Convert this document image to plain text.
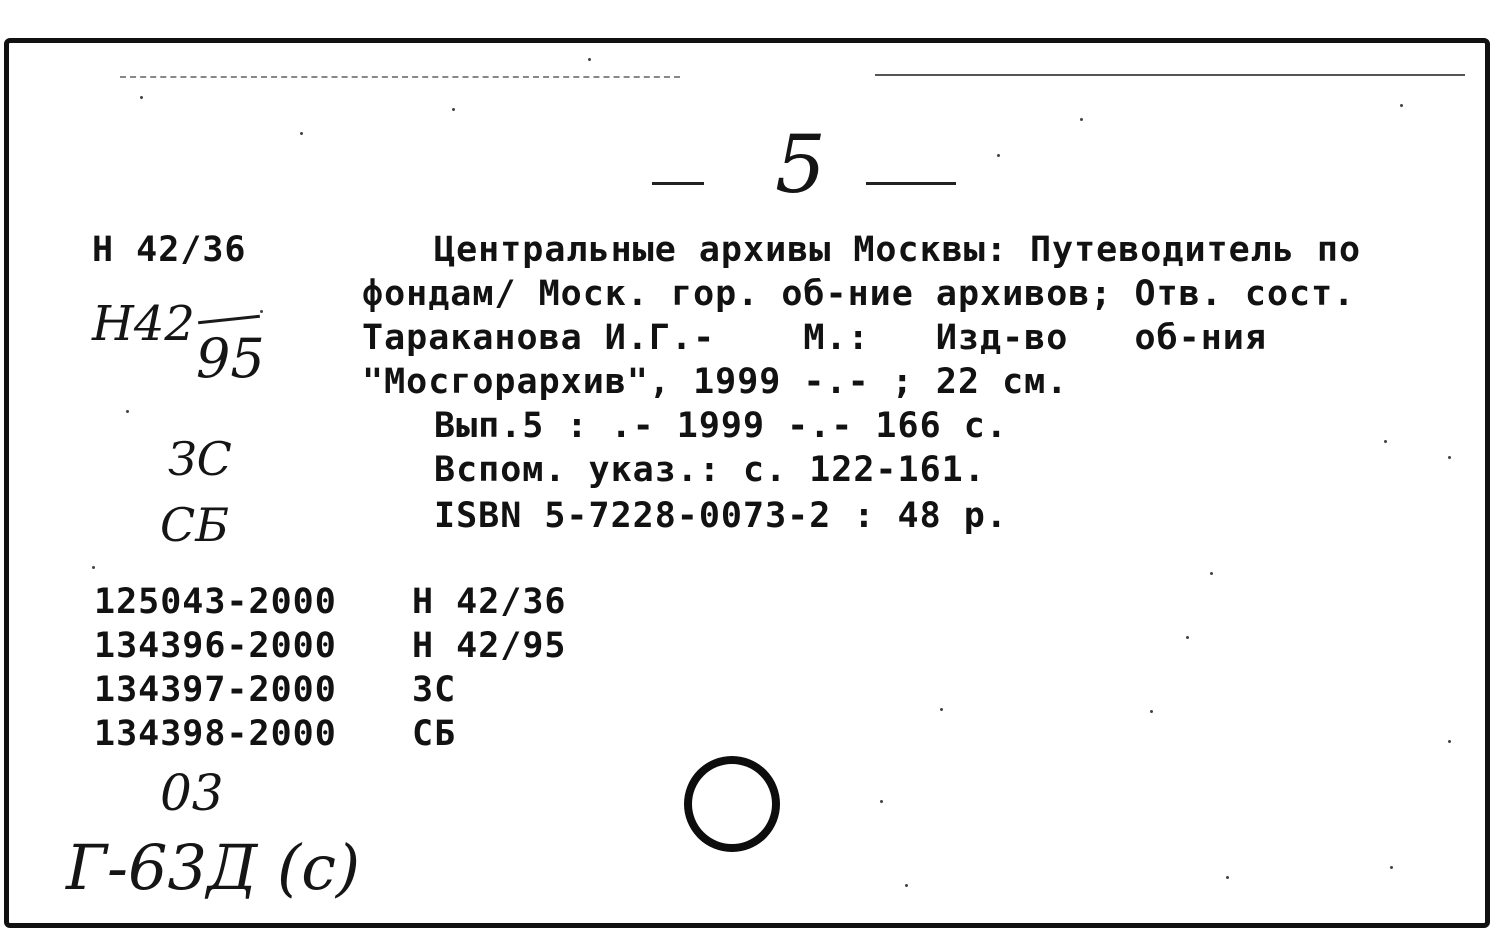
5
Н 42/36
Н42
95
ЗС
СБ
Центральные архивы Москвы: Путеводитель по
фондам/ Моск. гор. об-ние архивов; Отв. сост.
Тараканова И.Г.-    М.:   Изд-во   об-ния
"Мосгорархив", 1999 -.- ; 22 см.
Вып.5 : .- 1999 -.- 166 с.
Вспом. указ.: с. 122-161.
ISBN 5-7228-0073-2 : 48 р.
125043-2000 Н 42/36
134396-2000 Н 42/95
134397-2000 ЗС
134398-2000 СБ
03
Г-63Д (с)
